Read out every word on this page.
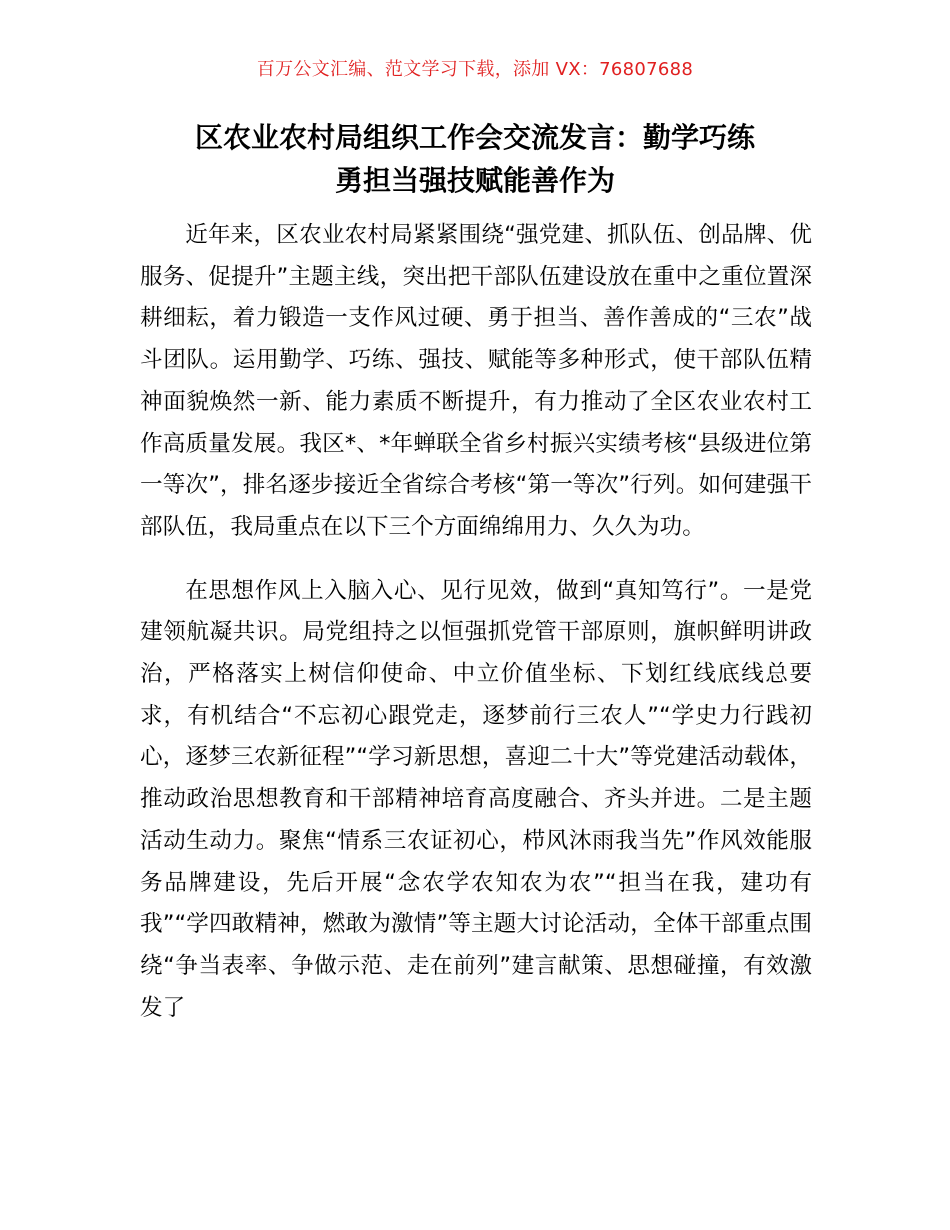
百万公文汇编、范文学习下载，添加 VX：76807688
区农业农村局组织工作会交流发言：勤学巧练
勇担当强技赋能善作为

近年来，区农业农村局紧紧围绕“强党建、抓队伍、创品牌、优服务、促提升”主题主线，突出把干部队伍建设放在重中之重位置深耕细耘，着力锻造一支作风过硬、勇于担当、善作善成的“三农”战斗团队。运用勤学、巧练、强技、赋能等多种形式，使干部队伍精神面貌焕然一新、能力素质不断提升，有力推动了全区农业农村工作高质量发展。我区*、*年蝉联全省乡村振兴实绩考核“县级进位第一等次”，排名逐步接近全省综合考核“第一等次”行列。如何建强干部队伍，我局重点在以下三个方面绵绵用力、久久为功。

在思想作风上入脑入心、见行见效，做到“真知笃行”。一是党建领航凝共识。局党组持之以恒强抓党管干部原则，旗帜鲜明讲政治，严格落实上树信仰使命、中立价值坐标、下划红线底线总要求，有机结合“不忘初心跟党走，逐梦前行三农人”“学史力行践初心，逐梦三农新征程”“学习新思想，喜迎二十大”等党建活动载体，推动政治思想教育和干部精神培育高度融合、齐头并进。二是主题活动生动力。聚焦“情系三农证初心，栉风沐雨我当先”作风效能服务品牌建设，先后开展“念农学农知农为农”“担当在我，建功有我”“学四敢精神，燃敢为激情”等主题大讨论活动，全体干部重点围绕“争当表率、争做示范、走在前列”建言献策、思想碰撞，有效激发了
